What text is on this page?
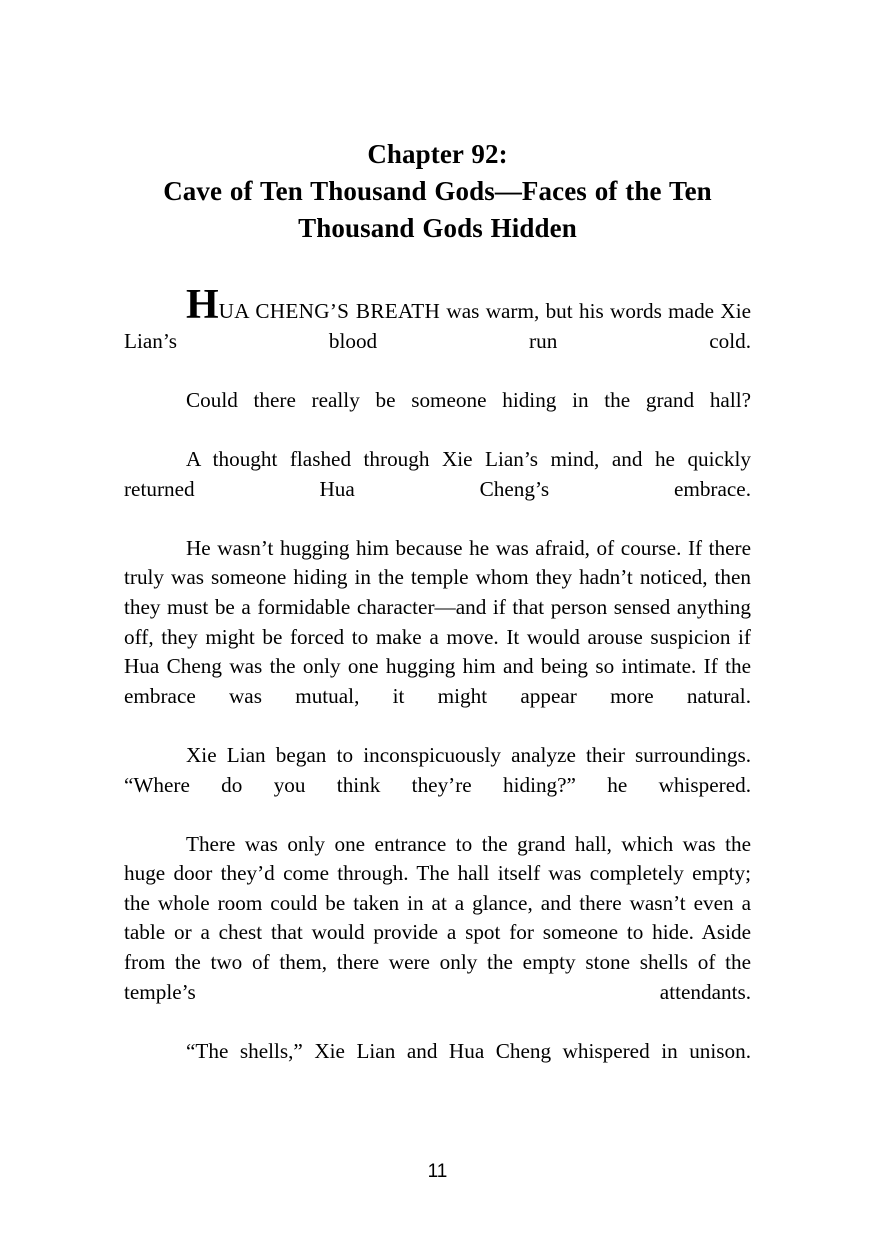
Chapter 92:
Cave of Ten Thousand Gods—Faces of the Ten
Thousand Gods Hidden

HUA CHENG’S BREATH was warm, but his words made Xie Lian’s blood run cold.

Could there really be someone hiding in the grand hall?

A thought flashed through Xie Lian’s mind, and he quickly returned Hua Cheng’s embrace.

He wasn’t hugging him because he was afraid, of course. If there truly was someone hiding in the temple whom they hadn’t noticed, then they must be a formidable character—and if that person sensed anything off, they might be forced to make a move. It would arouse suspicion if Hua Cheng was the only one hugging him and being so intimate. If the embrace was mutual, it might appear more natural.

Xie Lian began to inconspicuously analyze their surroundings. “Where do you think they’re hiding?” he whispered.

There was only one entrance to the grand hall, which was the huge door they’d come through. The hall itself was completely empty; the whole room could be taken in at a glance, and there wasn’t even a table or a chest that would provide a spot for someone to hide. Aside from the two of them, there were only the empty stone shells of the temple’s attendants.

“The shells,” Xie Lian and Hua Cheng whispered in unison.

11
